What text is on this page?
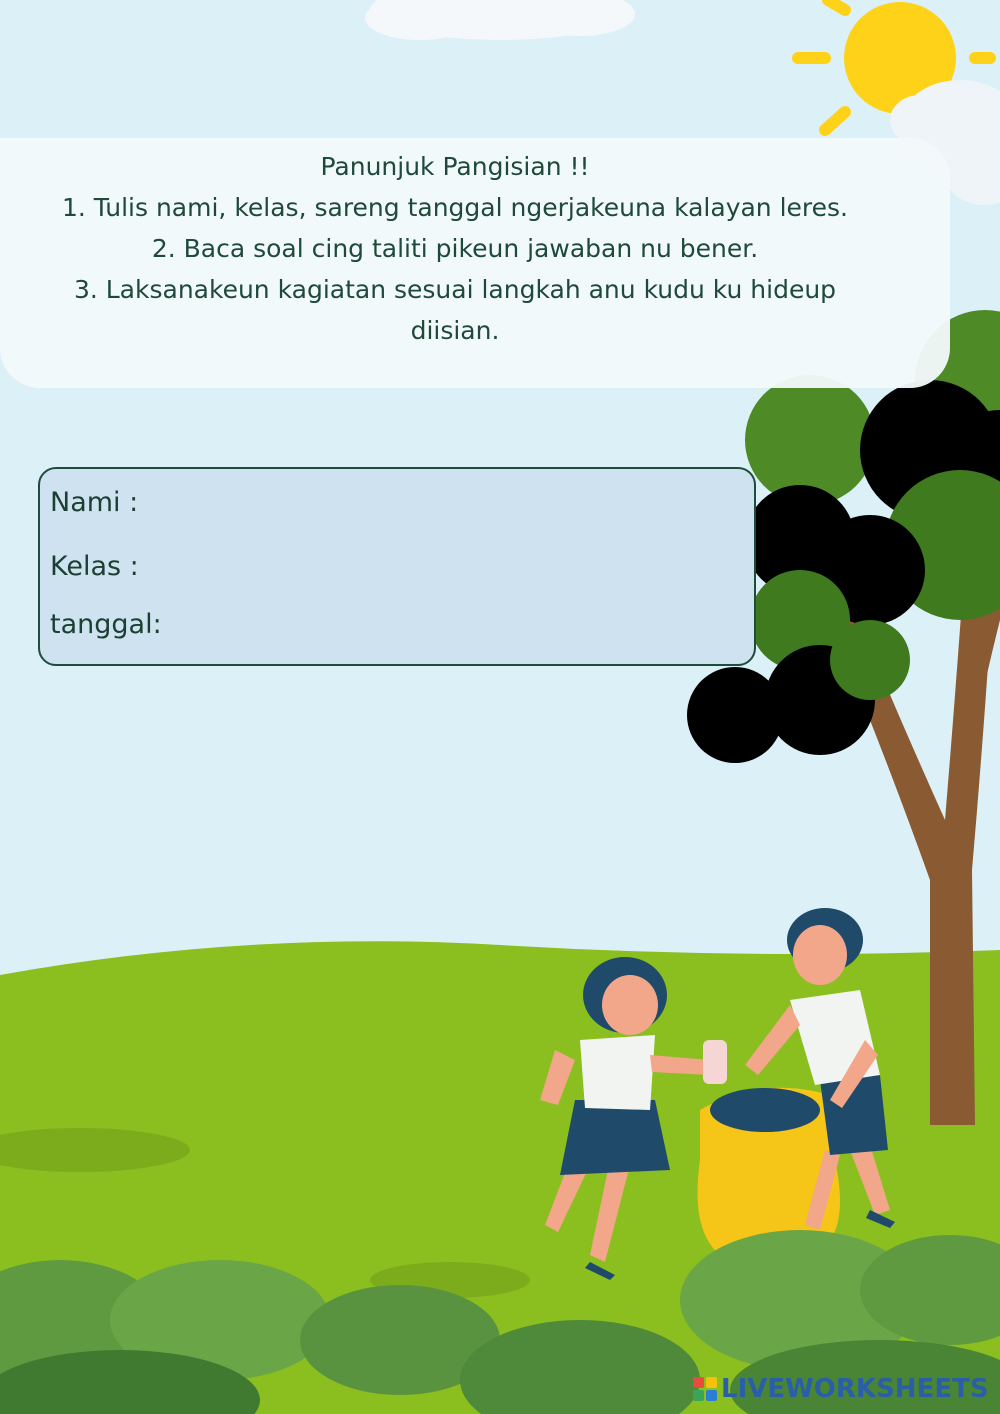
Panunjuk Pangisian !!
1. Tulis nami, kelas, sareng tanggal ngerjakeuna kalayan leres.
2. Baca soal cing taliti pikeun jawaban nu bener.
3. Laksanakeun kagiatan sesuai langkah anu kudu ku hideup
diisian.
Nami :
Kelas :
tanggal:
LIVEWORKSHEETS
